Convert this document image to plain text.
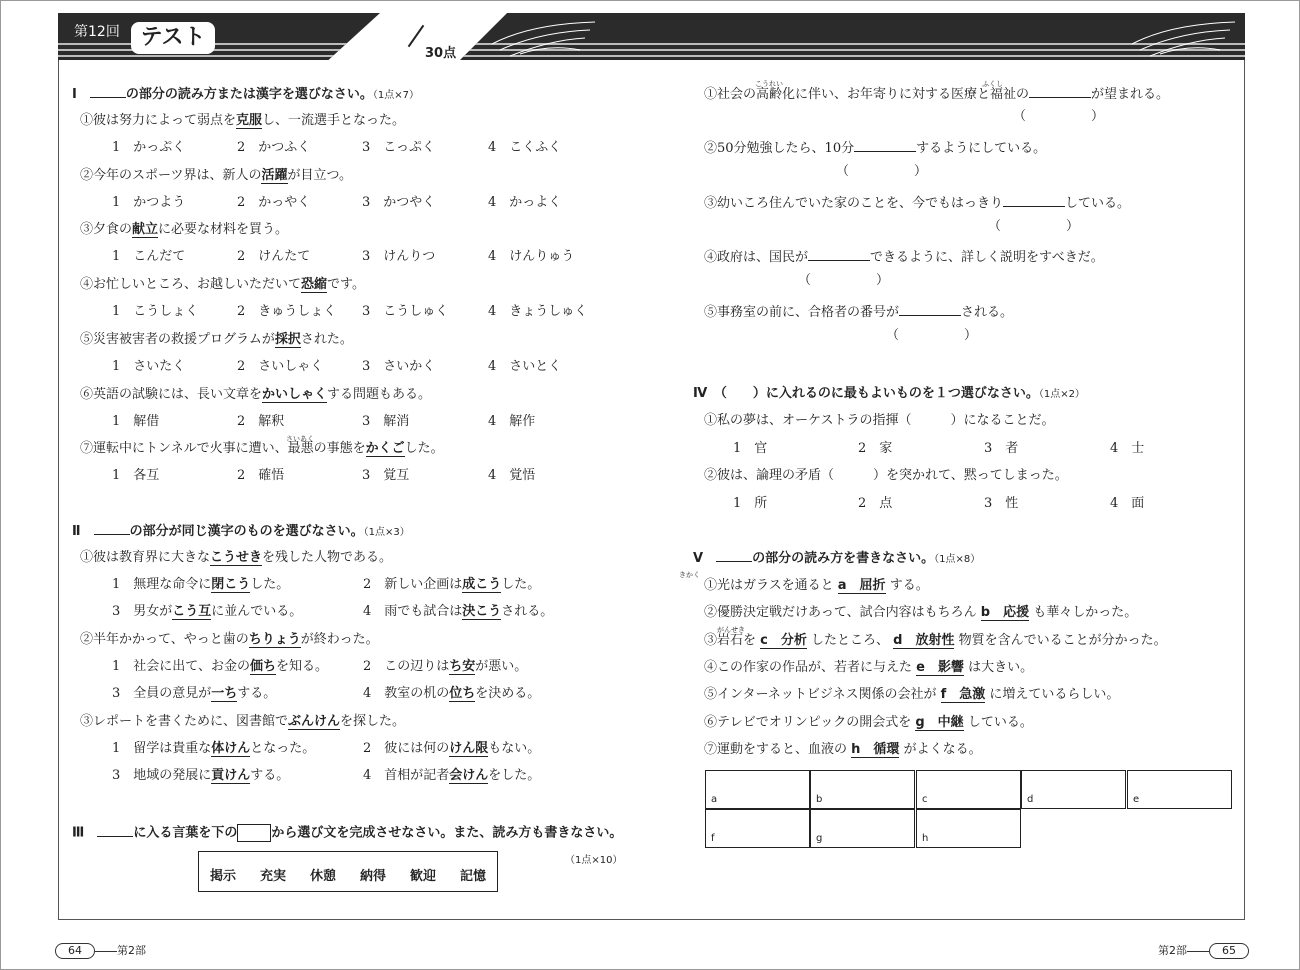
第12回 テスト
30点
Ⅰ　	の部分の読み方または漢字を選びなさい。（1点×7）
Ⅱ　	の部分が同じ漢字のものを選びなさい。（1点×3）
Ⅲ　	に入る言葉を下の	から選び文を完成させなさい。また、読み方も書きなさい。
（1点×10）
掲示 充実 休憩 納得 歓迎 記憶
こうれい	ふくし
①社会の高齢化に伴い、お年寄りに対する医療と福祉の	が望まれる。
（　　　　　）
②50分勉強したら、10分	するようにしている。
（　　　　　）
③幼いころ住んでいた家のことを、今でもはっきり	している。
（　　　　　）
④政府は、国民が	できるように、詳しく説明をすべきだ。
（　　　　　）
⑤事務室の前に、合格者の番号が	される。
（　　　　　）
Ⅳ　 （　　）に入れるのに最もよいものを１つ選びなさい。（1点×2）
Ⅴ　	の部分の読み方を書きなさい。（1点×8）
がんせき
a	b	c	d	e
f	g	h
64	第2部	第2部	65
①彼は努力によって弱点を克服し、一流選手となった。
1　かっぷく	2　かつふく	3　こっぷく	4　こくふく
②今年のスポーツ界は、新人の活躍が目立つ。
1　かつよう	2　かっやく	3　かつやく	4　かっよく
③夕食の献立に必要な材料を買う。
1　こんだて	2　けんたて	3　けんりつ	4　けんりゅう
④お忙しいところ、お越しいただいて恐縮です。
1　こうしょく	2　きゅうしょく 3　こうしゅく	4　きょうしゅく
⑤災害被害者の救援プログラムが採択された。
1　さいたく	2　さいしゃく	3　さいかく	4　さいとく
⑥英語の試験には、長い文章をかいしゃくする問題もある。
1　解借	2　解釈	3　解消	4　解作
⑦運転中にトンネルで火事に遭い、最悪の事態をかくごした。
さいあく
1　各互	2　確悟	3　覚互	4　覚悟
①彼は教育界に大きなこうせきを残した人物である。
1　無理な命令に閉こうした。	2　新しい企画は成こうした。
きかく
3　男女がこう互に並んでいる。	4　雨でも試合は決こうされる。
②半年かかって、やっと歯のちりょうが終わった。
1　社会に出て、お金の価ちを知る。	2　この辺りはち安が悪い。
3　全員の意見が一ちする。	4　教室の机の位ちを決める。
③レポートを書くために、図書館でぶんけんを探した。
1　留学は貴重な体けんとなった。	2　彼には何のけん限もない。
3　地域の発展に貢けんする。	4　首相が記者会けんをした。
①私の夢は、オーケストラの指揮（　　　）になることだ。
1　官	2　家	3　者	4　士
②彼は、論理の矛盾（　　　）を突かれて、黙ってしまった。
1　所	2　点	3　性	4　面
①光はガラスを通ると a　屈折 する。
②優勝決定戦だけあって、試合内容はもちろん b　応援 も華々しかった。
③岩石を c　分析 したところ、 d　放射性 物質を含んでいることが分かった。
④この作家の作品が、若者に与えた e　影響 は大きい。
⑤インターネットビジネス関係の会社が f　急激 に増えているらしい。
⑥テレビでオリンピックの開会式を g　中継 している。
⑦運動をすると、血液の h　循環 がよくなる。
